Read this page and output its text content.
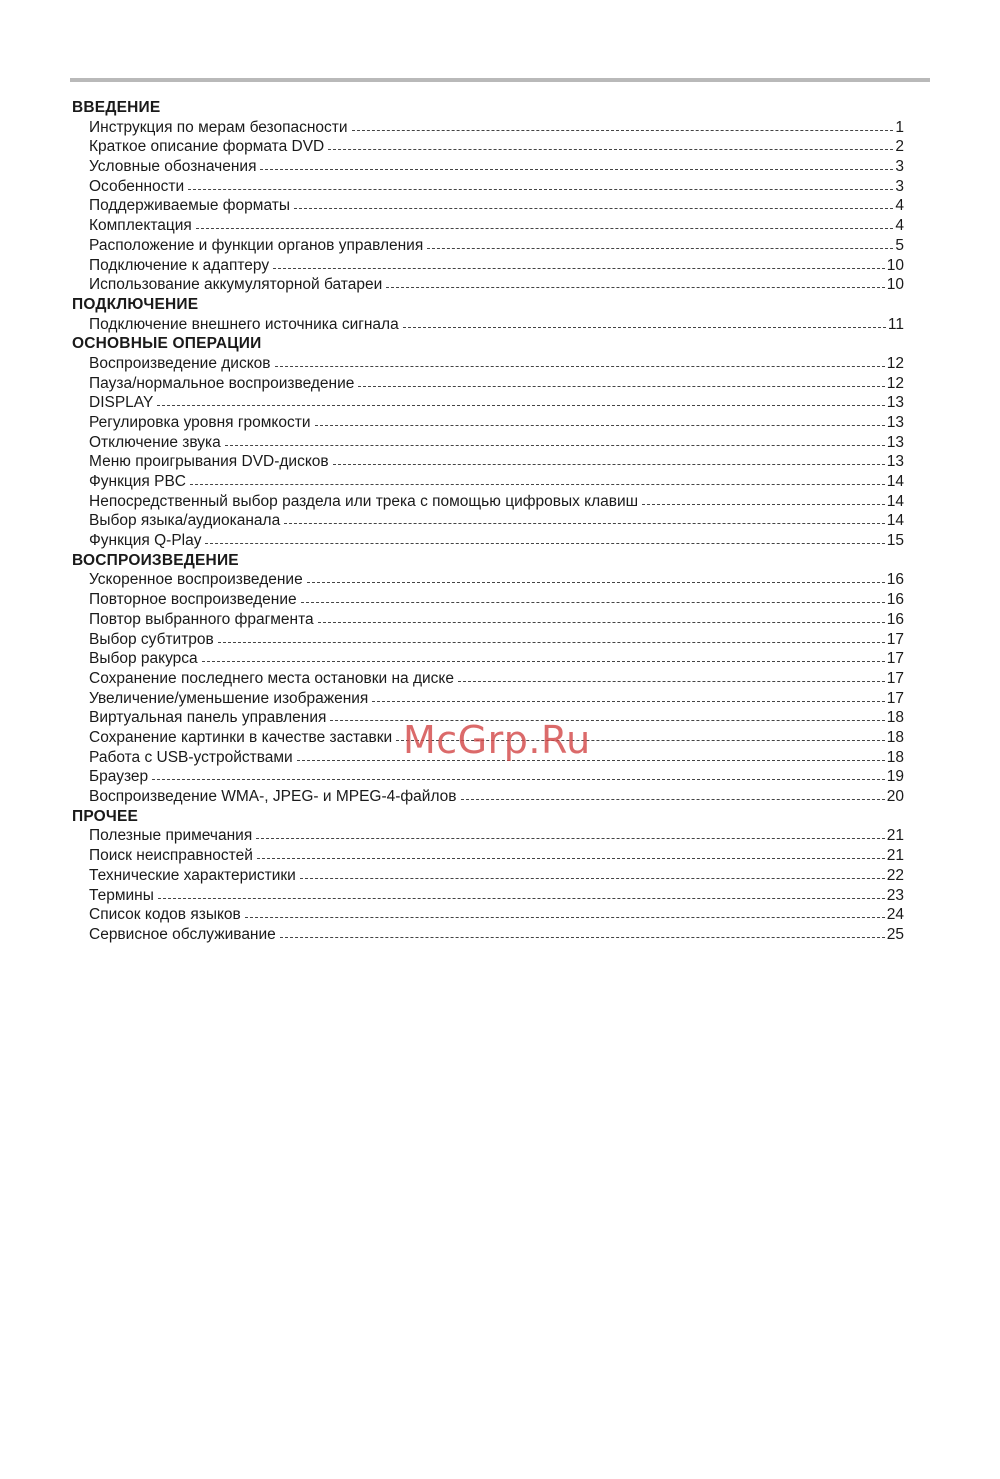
ВВЕДЕНИЕ
Инструкция по мерам безопасности	1
Краткое описание формата DVD	2
Условные обозначения	3
Особенности	3
Поддерживаемые форматы	4
Комплектация	4
Расположение и функции органов управления	5
Подключение к адаптеру	10
Использование аккумуляторной батареи	10
ПОДКЛЮЧЕНИЕ
Подключение внешнего источника сигнала	11
ОСНОВНЫЕ ОПЕРАЦИИ
Воспроизведение дисков	12
Пауза/нормальное воспроизведение	12
DISPLAY	13
Регулировка уровня громкости	13
Отключение звука	13
Меню проигрывания DVD-дисков	13
Функция PBC	14
Непосредственный выбор раздела или трека с помощью цифровых клавиш	14
Выбор языка/аудиоканала	14
Функция Q-Play	15
ВОСПРОИЗВЕДЕНИЕ
Ускоренное воспроизведение	16
Повторное воспроизведение	16
Повтор выбранного фрагмента	16
Выбор субтитров	17
Выбор ракурса	17
Сохранение последнего места остановки на диске	17
Увеличение/уменьшение изображения	17
Виртуальная панель управления	18
Сохранение картинки в качестве заставки	18
Работа с USB-устройствами	18
Браузер	19
Воспроизведение WMA-, JPEG- и MPEG-4-файлов	20
ПРОЧЕЕ
Полезные примечания	21
Поиск неисправностей	21
Технические характеристики	22
Термины	23
Список кодов языков	24
Сервисное обслуживание	25
McGrp.Ru
